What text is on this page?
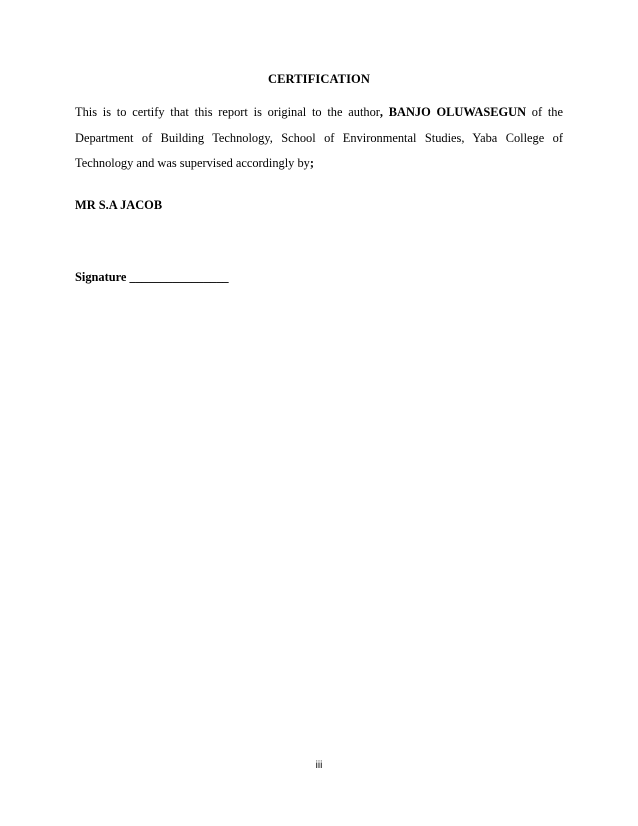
CERTIFICATION
This is to certify that this report is original to the author, BANJO OLUWASEGUN of the Department of Building Technology, School of Environmental Studies, Yaba College of Technology and was supervised accordingly by;
MR S.A JACOB
Signature ________________
iii
